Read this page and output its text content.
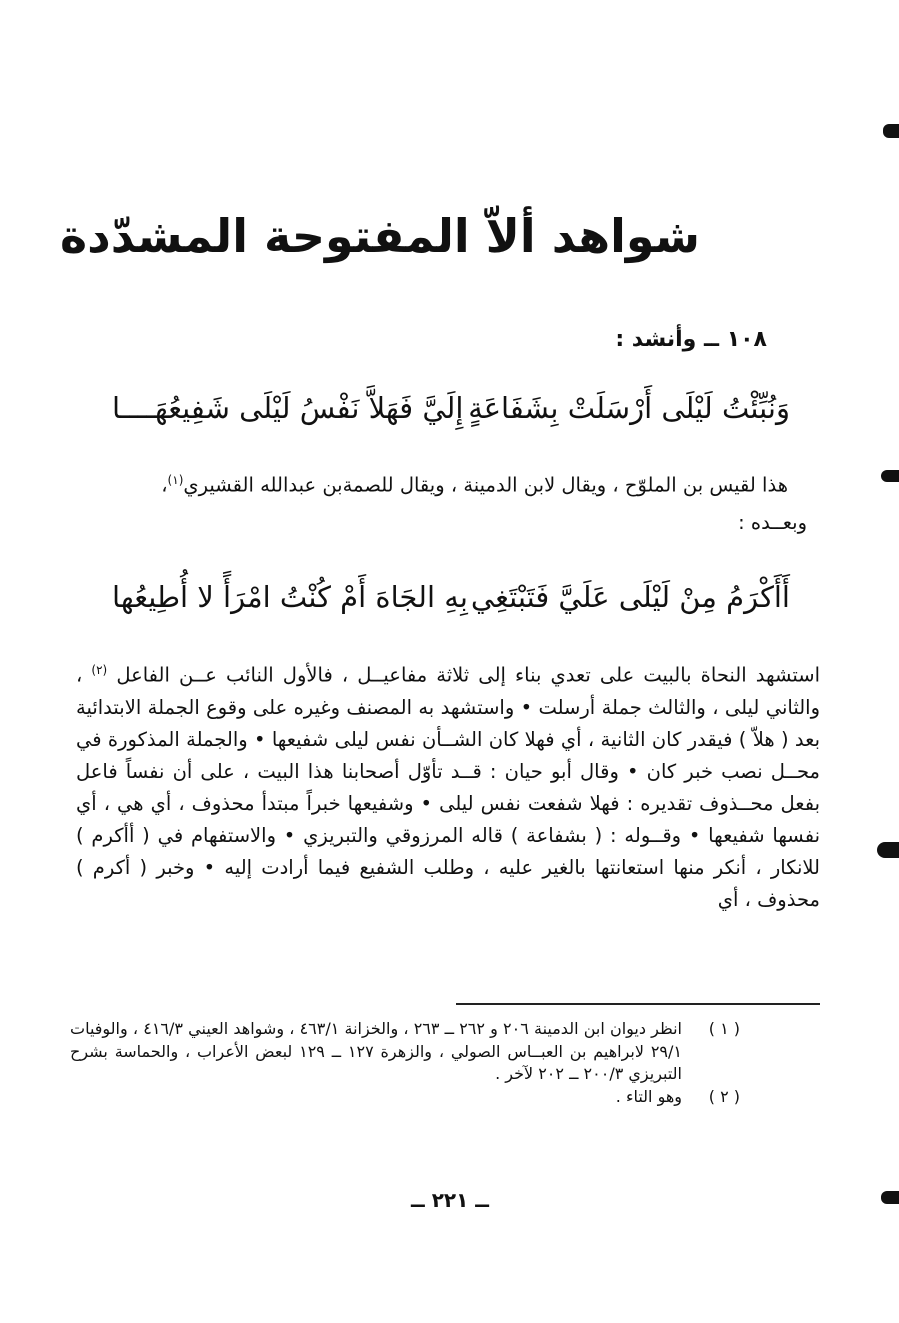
شواهد ألاّ المفتوحة المشدّدة
١٠٨ ــ وأنشد :
وَنُبِّئْتُ لَيْلَى أَرْسَلَتْ بِشَفَاعَةٍ
إِلَيَّ فَهَلاَّ نَفْسُ لَيْلَى شَفِيعُهَــــا
هذا لقيس بن الملوّح ، ويقال لابن الدمينة ، ويقال للصمةبن عبدالله القشيري$^{(١)}$،
وبعــده :
أَأَكْرَمُ مِنْ لَيْلَى عَلَيَّ فَتَبْتَغِي
بِهِ الجَاهَ أَمْ كُنْتُ امْرَأً لا أُطِيعُها
استشهد النحاة بالبيت على تعدي بناء إلى ثلاثة مفاعيــل ، فالأول النائب عــن الفاعل $^{(٢)}$ ، والثاني ليلى ، والثالث جملة أرسلت • واستشهد به المصنف وغيره على وقوع الجملة الابتدائية بعد ( هلاّ ) فيقدر كان الثانية ، أي فهلا كان الشــأن نفس ليلى شفيعها • والجملة المذكورة في محــل نصب خبر كان • وقال أبو حيان : قــد تأوّل أصحابنا هذا البيت ، على أن نفساً فاعل بفعل محــذوف تقديره : فهلا شفعت نفس ليلى • وشفيعها خبراً مبتدأ محذوف ، أي هي ، أي نفسها شفيعها • وقــوله : ( بشفاعة ) قاله المرزوقي والتبريزي • والاستفهام في ( أأكرم ) للانكار ، أنكر منها استعانتها بالغير عليه ، وطلب الشفيع فيما أرادت إليه • وخبر ( أكرم ) محذوف ، أي
( ١ )
انظر ديوان ابن الدمينة ٢٠٦ و ٢٦٢ ــ ٢٦٣ ، والخزانة ٤٦٣/١ ، وشواهد العيني ٤١٦/٣ ، والوفيات ٢٩/١ لابراهيم بن العبــاس الصولي ، والزهرة ١٢٧ ــ ١٢٩ لبعض الأعراب ، والحماسة بشرح التبريزي ٢٠٠/٣ ــ ٢٠٢ لآخر .
( ٢ )
وهو التاء .
ــ ٢٢١ ــ
